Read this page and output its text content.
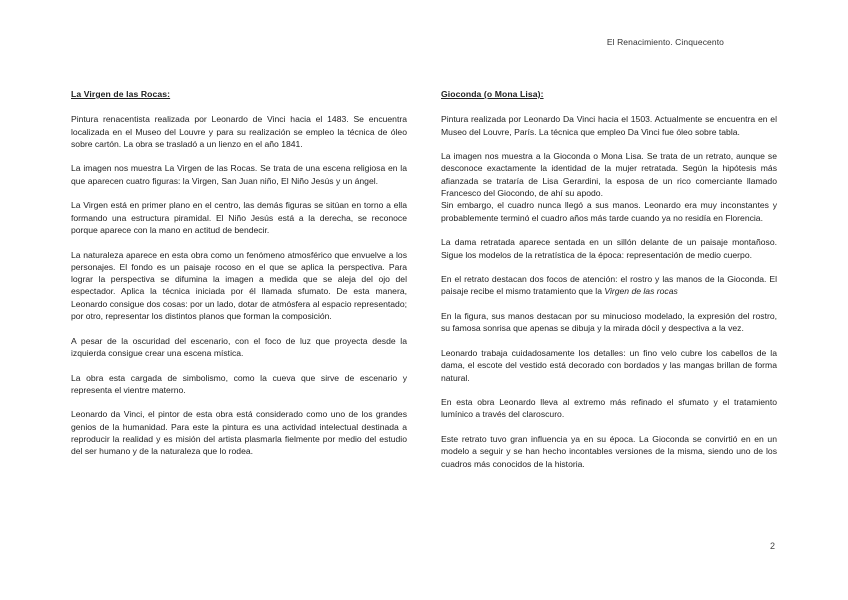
El Renacimiento. Cinquecento
La Virgen de las Rocas:

Pintura renacentista realizada por Leonardo de Vinci hacia el 1483. Se encuentra localizada en el Museo del Louvre y para su realización se empleo la técnica de óleo sobre cartón. La obra se trasladó a un lienzo en el año 1841.

La imagen nos muestra La Virgen de las Rocas. Se trata de una escena religiosa en la que aparecen cuatro figuras: la Virgen, San Juan niño, El Niño Jesús y un ángel.

La Virgen está en primer plano en el centro, las demás figuras se sitúan en torno a ella formando una estructura piramidal. El Niño Jesús está a la derecha, se reconoce porque aparece con la mano en actitud de bendecir.

La naturaleza aparece en esta obra como un fenómeno atmosférico que envuelve a los personajes. El fondo es un paisaje rocoso en el que se aplica la perspectiva. Para lograr la perspectiva se difumina la imagen a medida que se aleja del ojo del espectador. Aplica la técnica iniciada por él llamada sfumato. De esta manera, Leonardo consigue dos cosas: por un lado, dotar de atmósfera al espacio representado; por otro, representar los distintos planos que forman la composición.

A pesar de la oscuridad del escenario, con el foco de luz que proyecta desde la izquierda consigue crear una escena mística.

La obra esta cargada de simbolismo, como la cueva que sirve de escenario y representa el vientre materno.

Leonardo da Vinci, el pintor de esta obra está considerado como uno de los grandes genios de la humanidad. Para este la pintura es una actividad intelectual destinada a reproducir la realidad y es misión del artista plasmarla fielmente por medio del estudio del ser humano y de la naturaleza que lo rodea.

Gioconda (o Mona Lisa):

Pintura realizada por Leonardo Da Vinci hacia el 1503. Actualmente se encuentra en el Museo del Louvre, París. La técnica que empleo Da Vinci fue óleo sobre tabla.

La imagen nos muestra a la Gioconda o Mona Lisa. Se trata de un retrato, aunque se desconoce exactamente la identidad de la mujer retratada. Según la hipótesis más afianzada se trataría de Lisa Gerardini, la esposa de un rico comerciante llamado Francesco del Giocondo, de ahí su apodo.

Sin embargo, el cuadro nunca llegó a sus manos. Leonardo era muy inconstantes y probablemente terminó el cuadro años más tarde cuando ya no residía en Florencia.

La dama retratada aparece sentada en un sillón delante de un paisaje montañoso. Sigue los modelos de la retratística de la época: representación de medio cuerpo.

En el retrato destacan dos focos de atención: el rostro y las manos de la Gioconda. El paisaje recibe el mismo tratamiento que la Virgen de las rocas

En la figura, sus manos destacan por su minucioso modelado, la expresión del rostro, su famosa sonrisa que apenas se dibuja y la mirada dócil y despectiva a la vez.

Leonardo trabaja cuidadosamente los detalles: un fino velo cubre los cabellos de la dama, el escote del vestido está decorado con bordados y las mangas brillan de forma natural.

En esta obra Leonardo lleva al extremo más refinado el sfumato y el tratamiento lumínico a través del claroscuro.

Este retrato tuvo gran influencia ya en su época. La Gioconda se convirtió en en un modelo a seguir y se han hecho incontables versiones de la misma, siendo uno de los cuadros más conocidos de la historia.

2
